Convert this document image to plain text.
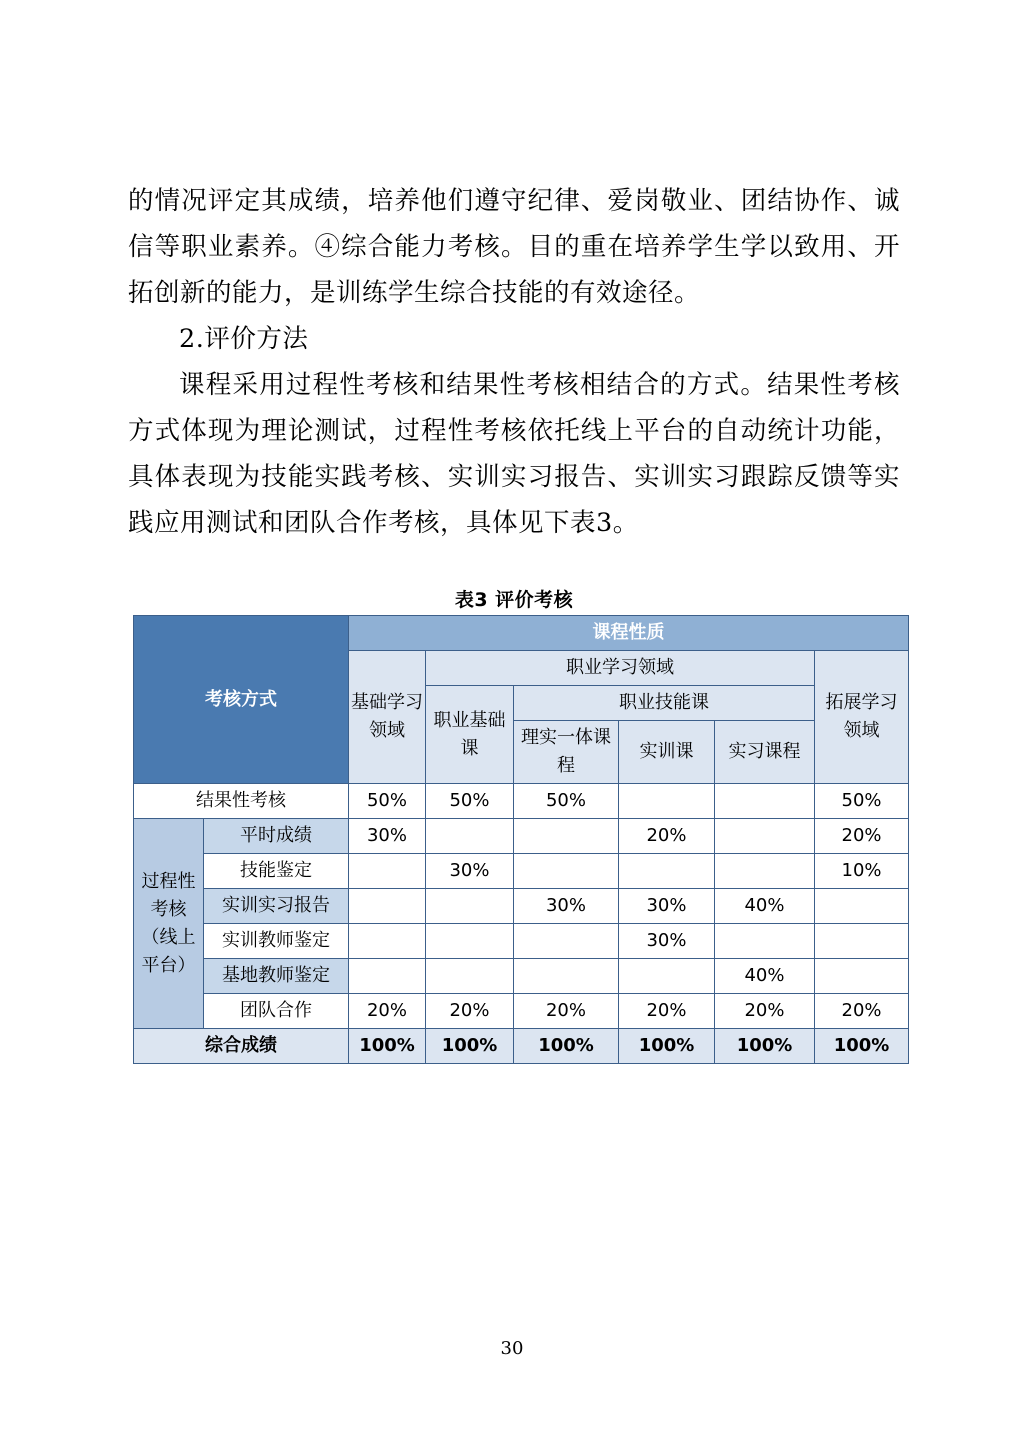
的情况评定其成绩，培养他们遵守纪律、爱岗敬业、团结协作、诚信等职业素养。④综合能力考核。目的重在培养学生学以致用、开拓创新的能力，是训练学生综合技能的有效途径。

2.评价方法

课程采用过程性考核和结果性考核相结合的方式。结果性考核方式体现为理论测试，过程性考核依托线上平台的自动统计功能，具体表现为技能实践考核、实训实习报告、实训实习跟踪反馈等实践应用测试和团队合作考核，具体见下表3。

表3 评价考核
考核方式		课程性质					
		基础学习领域	职业学习领域				拓展学习领域
			职业基础课	职业技能课			
				理实一体课程	实训课	实习课程	
结果性考核		50%	50%	50%			50%
过程性考核（线上平台）	平时成绩	30%			20%		20%
	技能鉴定		30%				10%
	实训实习报告			30%	30%	40%	
	实训教师鉴定				30%		
	基地教师鉴定					40%	
	团队合作	20%	20%	20%	20%	20%	20%
综合成绩		100%	100%	100%	100%	100%	100%
30
